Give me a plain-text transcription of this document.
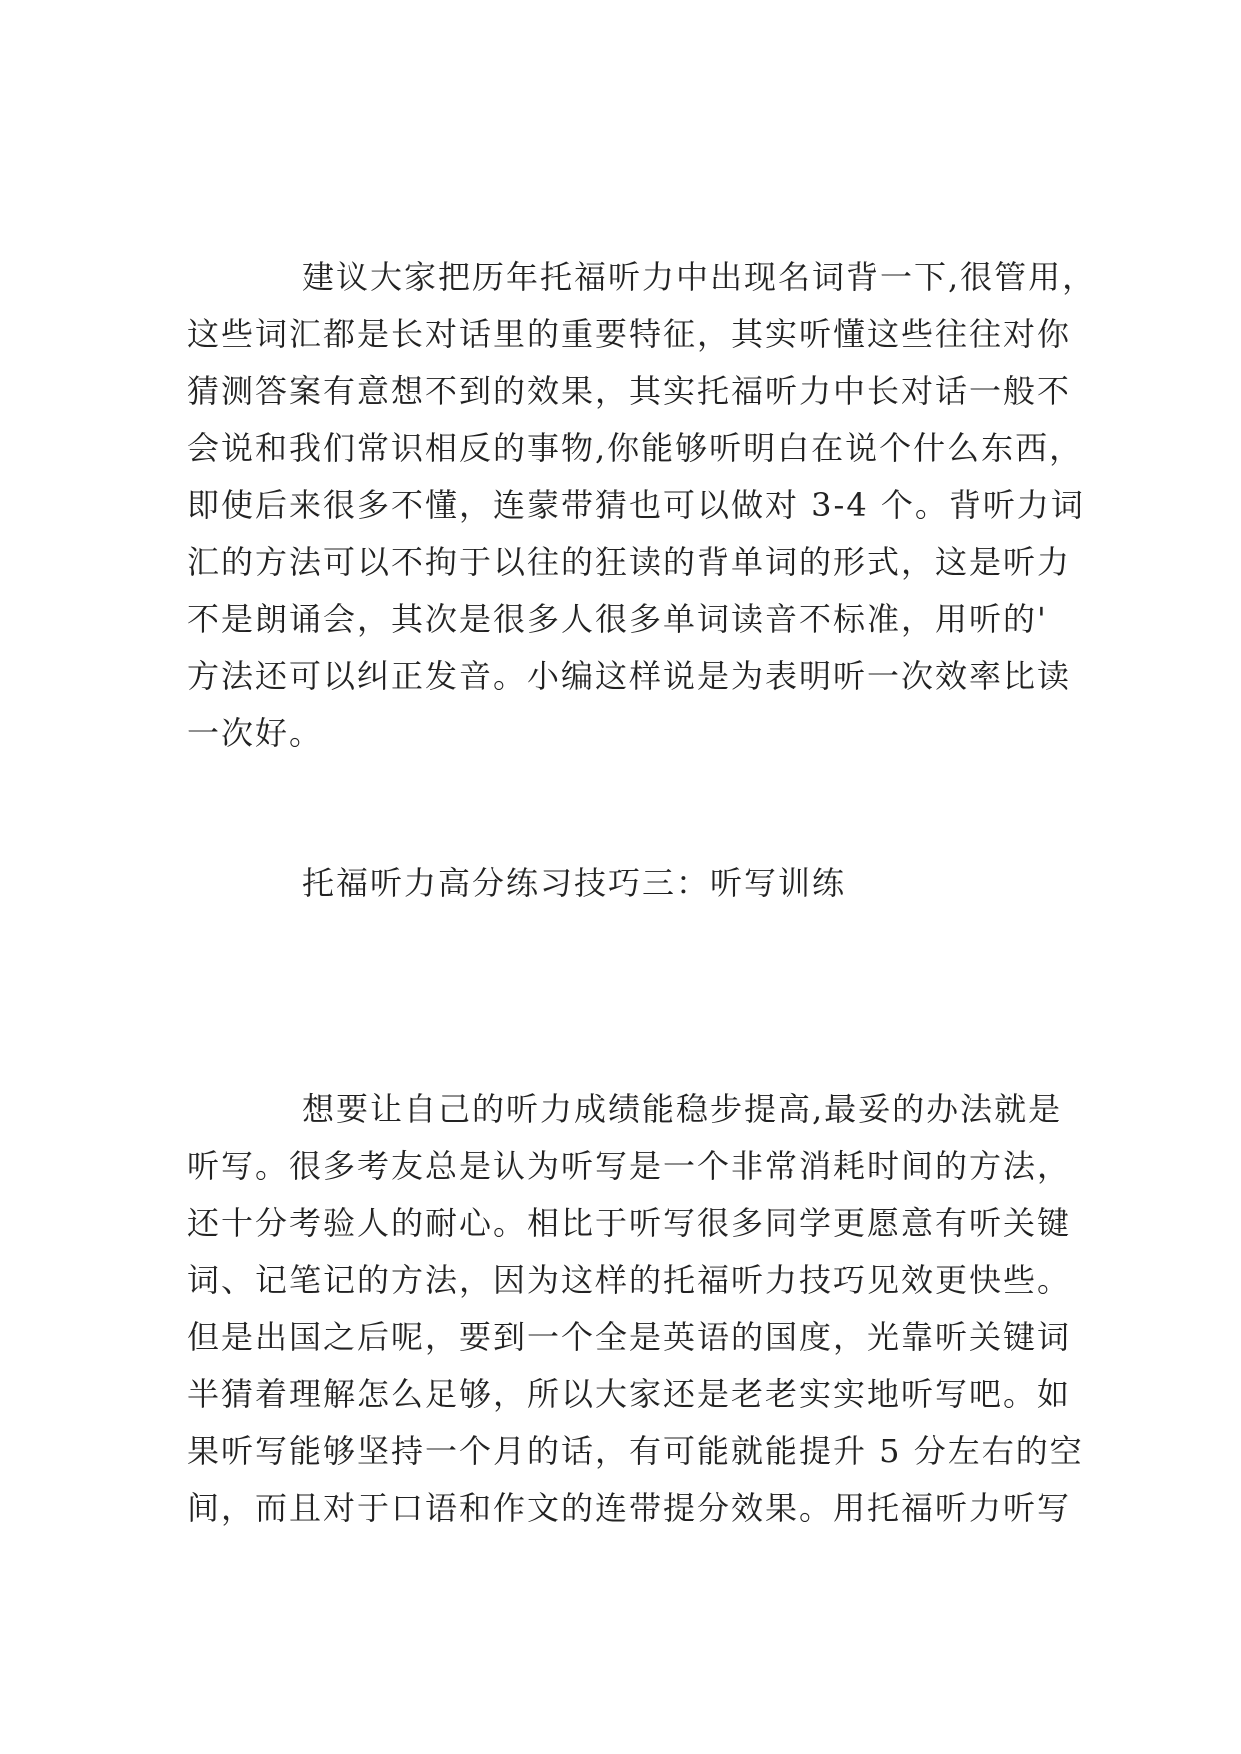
建议大家把历年托福听力中出现名词背一下,很管用，
这些词汇都是长对话里的重要特征，其实听懂这些往往对你
猜测答案有意想不到的效果，其实托福听力中长对话一般不
会说和我们常识相反的事物,你能够听明白在说个什么东西，
即使后来很多不懂，连蒙带猜也可以做对 3-4 个。背听力词
汇的方法可以不拘于以往的狂读的背单词的形式，这是听力
不是朗诵会，其次是很多人很多单词读音不标准，用听的'
方法还可以纠正发音。小编这样说是为表明听一次效率比读
一次好。
托福听力高分练习技巧三：听写训练
想要让自己的听力成绩能稳步提高,最妥的办法就是
听写。很多考友总是认为听写是一个非常消耗时间的方法，
还十分考验人的耐心。相比于听写很多同学更愿意有听关键
词、记笔记的方法，因为这样的托福听力技巧见效更快些。
但是出国之后呢，要到一个全是英语的国度，光靠听关键词
半猜着理解怎么足够，所以大家还是老老实实地听写吧。如
果听写能够坚持一个月的话，有可能就能提升 5 分左右的空
间，而且对于口语和作文的连带提分效果。用托福听力听写
